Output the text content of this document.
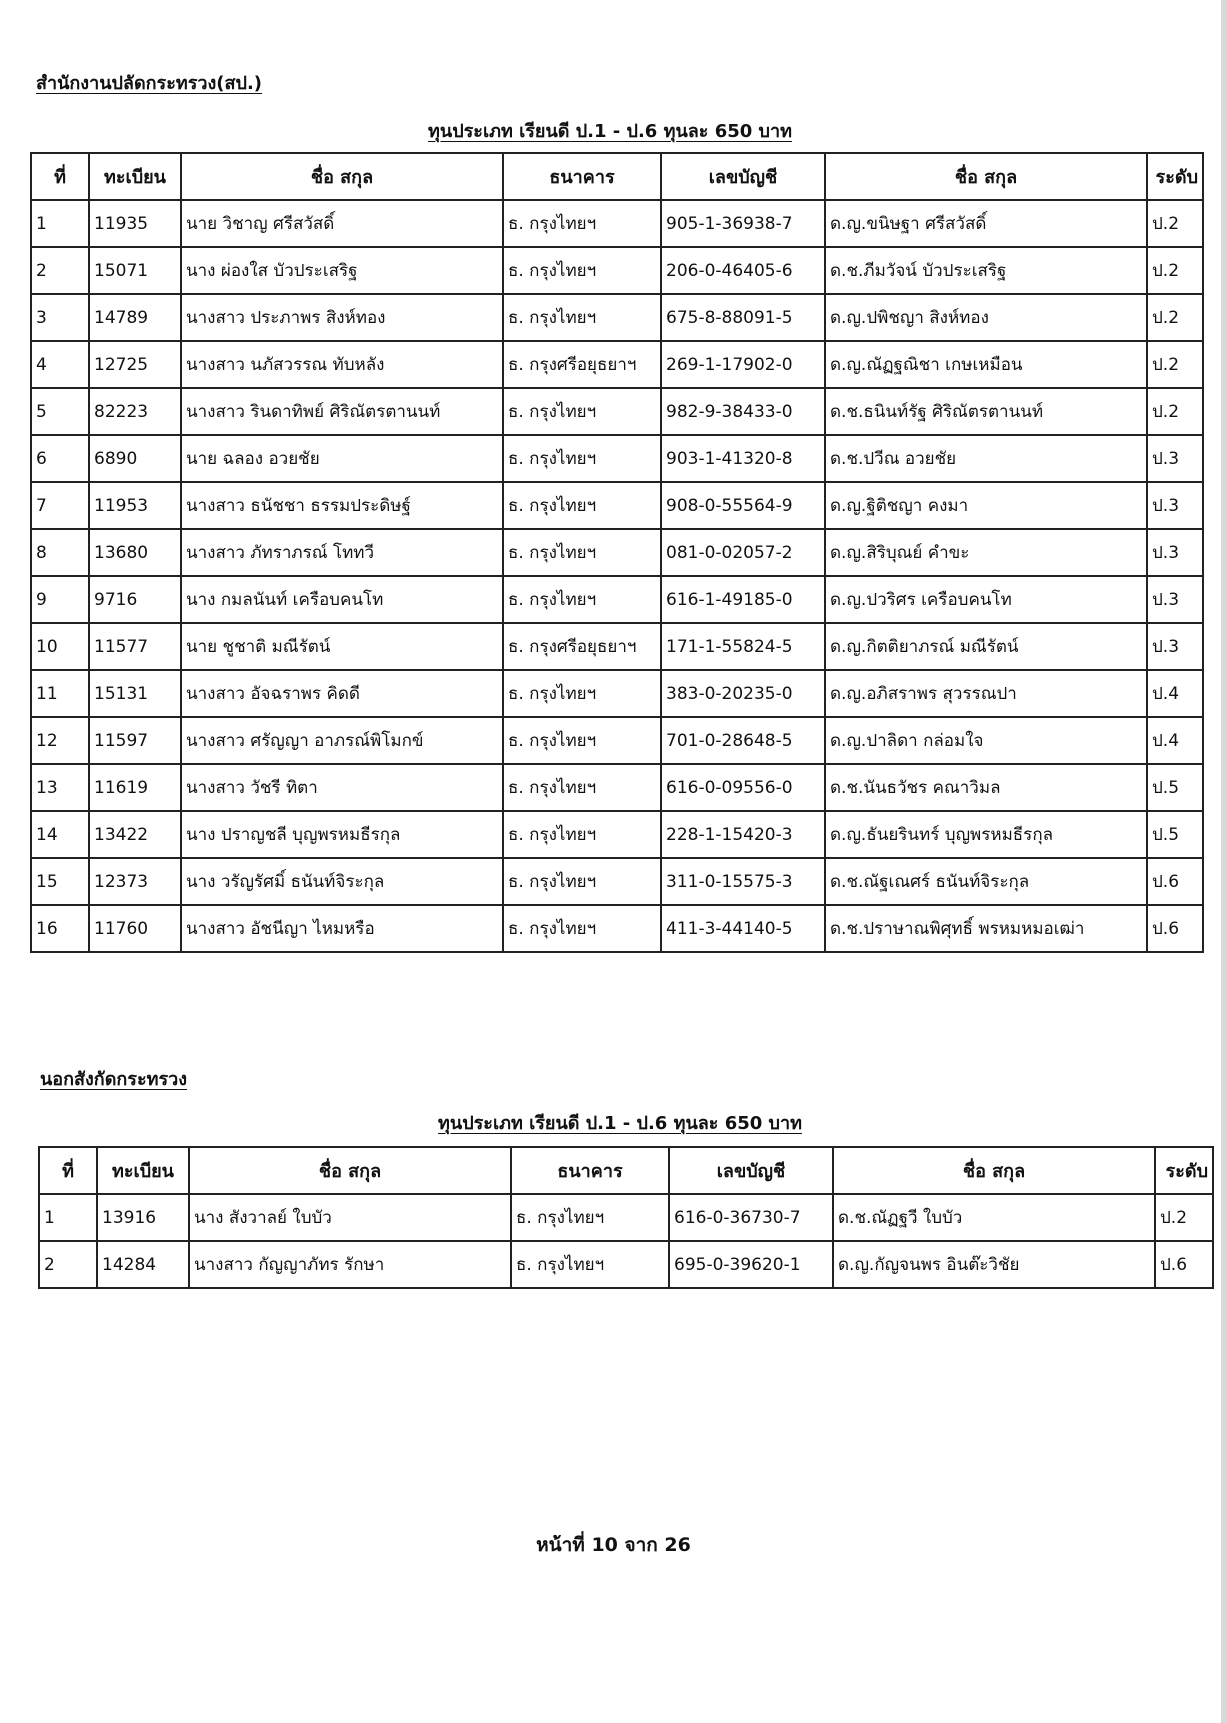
สำนักงานปลัดกระทรวง(สป.)
ทุนประเภท เรียนดี ป.1 - ป.6 ทุนละ 650 บาท
ที่	ทะเบียน	ชื่อ สกุล	ธนาคาร	เลขบัญชี	ชื่อ สกุล	ระดับ
1	11935	นาย วิชาญ ศรีสวัสดิ์	ธ. กรุงไทยฯ	905-1-36938-7	ด.ญ.ขนิษฐา ศรีสวัสดิ์	ป.2
2	15071	นาง ผ่องใส บัวประเสริฐ	ธ. กรุงไทยฯ	206-0-46405-6	ด.ช.ภีมวัจน์ บัวประเสริฐ	ป.2
3	14789	นางสาว ประภาพร สิงห์ทอง	ธ. กรุงไทยฯ	675-8-88091-5	ด.ญ.ปพิชญา สิงห์ทอง	ป.2
4	12725	นางสาว นภัสวรรณ ทับหลัง	ธ. กรุงศรีอยุธยาฯ	269-1-17902-0	ด.ญ.ณัฏฐณิชา เกษเหมือน	ป.2
5	82223	นางสาว รินดาทิพย์ ศิริณัตรตานนท์	ธ. กรุงไทยฯ	982-9-38433-0	ด.ช.ธนินท์รัฐ ศิริณัตรตานนท์	ป.2
6	6890	นาย ฉลอง อวยชัย	ธ. กรุงไทยฯ	903-1-41320-8	ด.ช.ปวีณ อวยชัย	ป.3
7	11953	นางสาว ธนัชชา ธรรมประดิษฐ์	ธ. กรุงไทยฯ	908-0-55564-9	ด.ญ.ฐิติชญา คงมา	ป.3
8	13680	นางสาว ภัทราภรณ์ โททวี	ธ. กรุงไทยฯ	081-0-02057-2	ด.ญ.สิริบุณย์ คำขะ	ป.3
9	9716	นาง กมลนันท์ เครือบคนโท	ธ. กรุงไทยฯ	616-1-49185-0	ด.ญ.ปวริศร เครือบคนโท	ป.3
10	11577	นาย ชูชาติ มณีรัตน์	ธ. กรุงศรีอยุธยาฯ	171-1-55824-5	ด.ญ.กิตติยาภรณ์ มณีรัตน์	ป.3
11	15131	นางสาว อัจฉราพร คิดดี	ธ. กรุงไทยฯ	383-0-20235-0	ด.ญ.อภิสราพร สุวรรณปา	ป.4
12	11597	นางสาว ศรัญญา อาภรณ์พิโมกข์	ธ. กรุงไทยฯ	701-0-28648-5	ด.ญ.ปาลิดา กล่อมใจ	ป.4
13	11619	นางสาว วัชรี ทิตา	ธ. กรุงไทยฯ	616-0-09556-0	ด.ช.นันธวัชร คณาวิมล	ป.5
14	13422	นาง ปราญชลี บุญพรหมธีรกุล	ธ. กรุงไทยฯ	228-1-15420-3	ด.ญ.ธันยรินทร์ บุญพรหมธีรกุล	ป.5
15	12373	นาง วรัญรัศมิ์ ธนันท์จิระกุล	ธ. กรุงไทยฯ	311-0-15575-3	ด.ช.ณัฐเณศร์ ธนันท์จิระกุล	ป.6
16	11760	นางสาว อัชนีญา ไหมหรือ	ธ. กรุงไทยฯ	411-3-44140-5	ด.ช.ปราษาณพิศุทธิ์ พรหมหมอเฒ่า	ป.6
นอกสังกัดกระทรวง
ทุนประเภท เรียนดี ป.1 - ป.6 ทุนละ 650 บาท
ที่	ทะเบียน	ชื่อ สกุล	ธนาคาร	เลขบัญชี	ชื่อ สกุล	ระดับ
1	13916	นาง สังวาลย์ ใบบัว	ธ. กรุงไทยฯ	616-0-36730-7	ด.ช.ณัฏฐวี ใบบัว	ป.2
2	14284	นางสาว กัญญาภัทร รักษา	ธ. กรุงไทยฯ	695-0-39620-1	ด.ญ.กัญจนพร อินต๊ะวิชัย	ป.6
หน้าที่ 10 จาก 26
